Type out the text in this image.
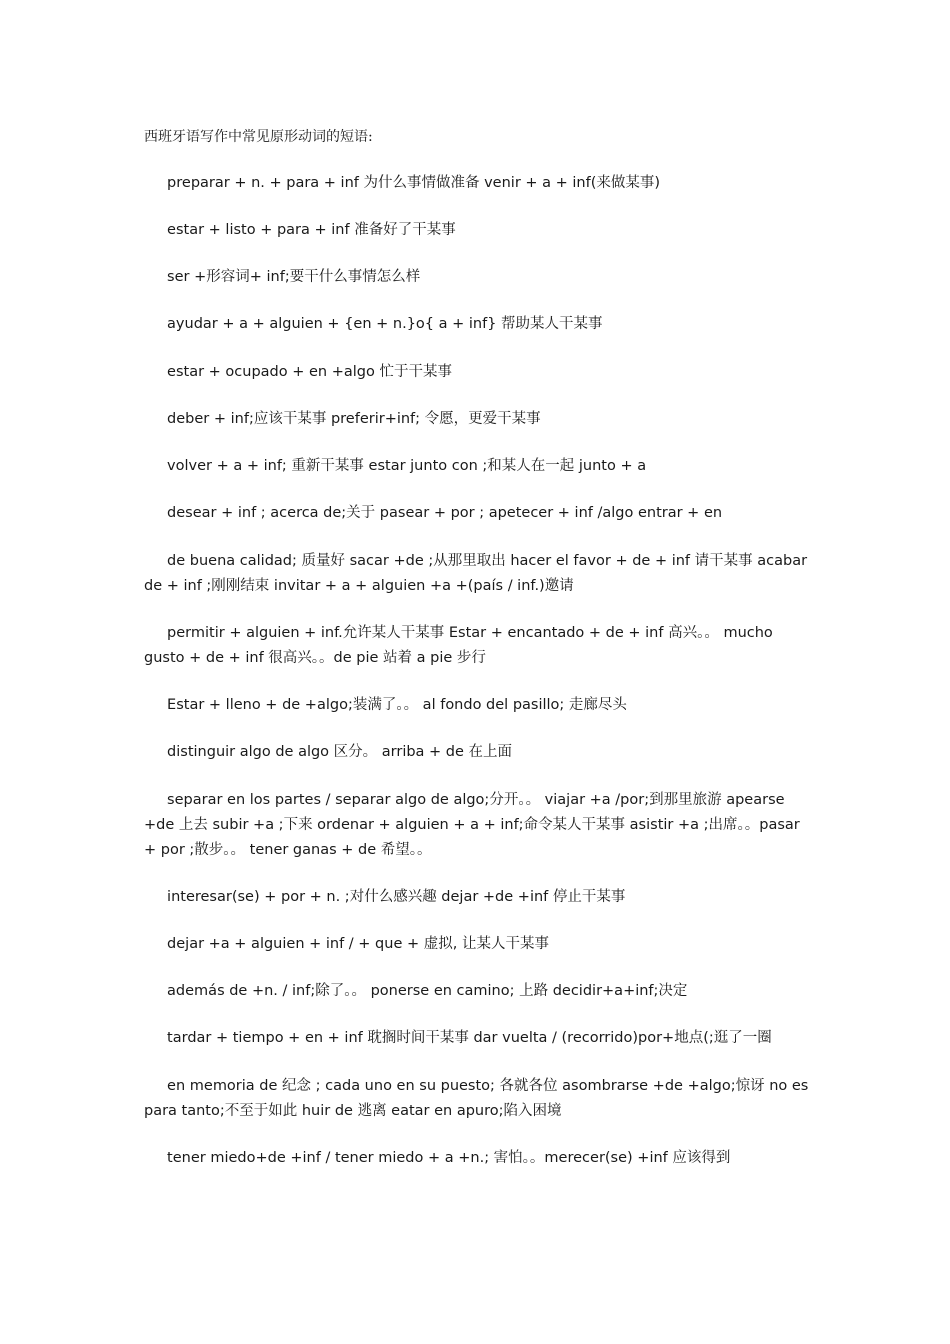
西班牙语写作中常见原形动词的短语:
preparar + n. + para + inf 为什么事情做准备 venir + a + inf(来做某事)
estar + listo + para + inf 准备好了干某事
ser +形容词+ inf;要干什么事情怎么样
ayudar + a + alguien + {en + n.}o{ a + inf} 帮助某人干某事
estar + ocupado + en +algo 忙于干某事
deber + inf;应该干某事 preferir+inf; 令愿，更爱干某事
volver + a + inf; 重新干某事 estar junto con ;和某人在一起 junto + a
desear + inf ; acerca de;关于 pasear + por ; apetecer + inf /algo entrar + en
de buena calidad; 质量好 sacar +de ;从那里取出 hacer el favor + de + inf 请干某事 acabar de + inf ;刚刚结束 invitar + a + alguien +a +(país / inf.)邀请
permitir + alguien + inf.允许某人干某事 Estar + encantado + de + inf 高兴。。 mucho gusto + de + inf 很高兴。。de pie 站着 a pie 步行
Estar + lleno + de +algo;装满了。。 al fondo del pasillo; 走廊尽头
distinguir algo de algo 区分。 arriba + de 在上面
separar en los partes / separar algo de algo;分开。。 viajar +a /por;到那里旅游 apearse +de 上去 subir +a ;下来 ordenar + alguien + a + inf;命令某人干某事 asistir +a ;出席。。pasar + por ;散步。。 tener ganas + de 希望。。
interesar(se) + por + n. ;对什么感兴趣 dejar +de +inf 停止干某事
dejar +a + alguien + inf / + que + 虚拟, 让某人干某事
además de +n. / inf;除了。。 ponerse en camino; 上路 decidir+a+inf;决定
tardar + tiempo + en + inf 耽搁时间干某事 dar vuelta / (recorrido)por+地点(;逛了一圈
en memoria de 纪念 ; cada uno en su puesto; 各就各位 asombrarse +de +algo;惊讶 no es para tanto;不至于如此 huir de 逃离 eatar en apuro;陷入困境
tener miedo+de +inf / tener miedo + a +n.; 害怕。。merecer(se) +inf 应该得到
